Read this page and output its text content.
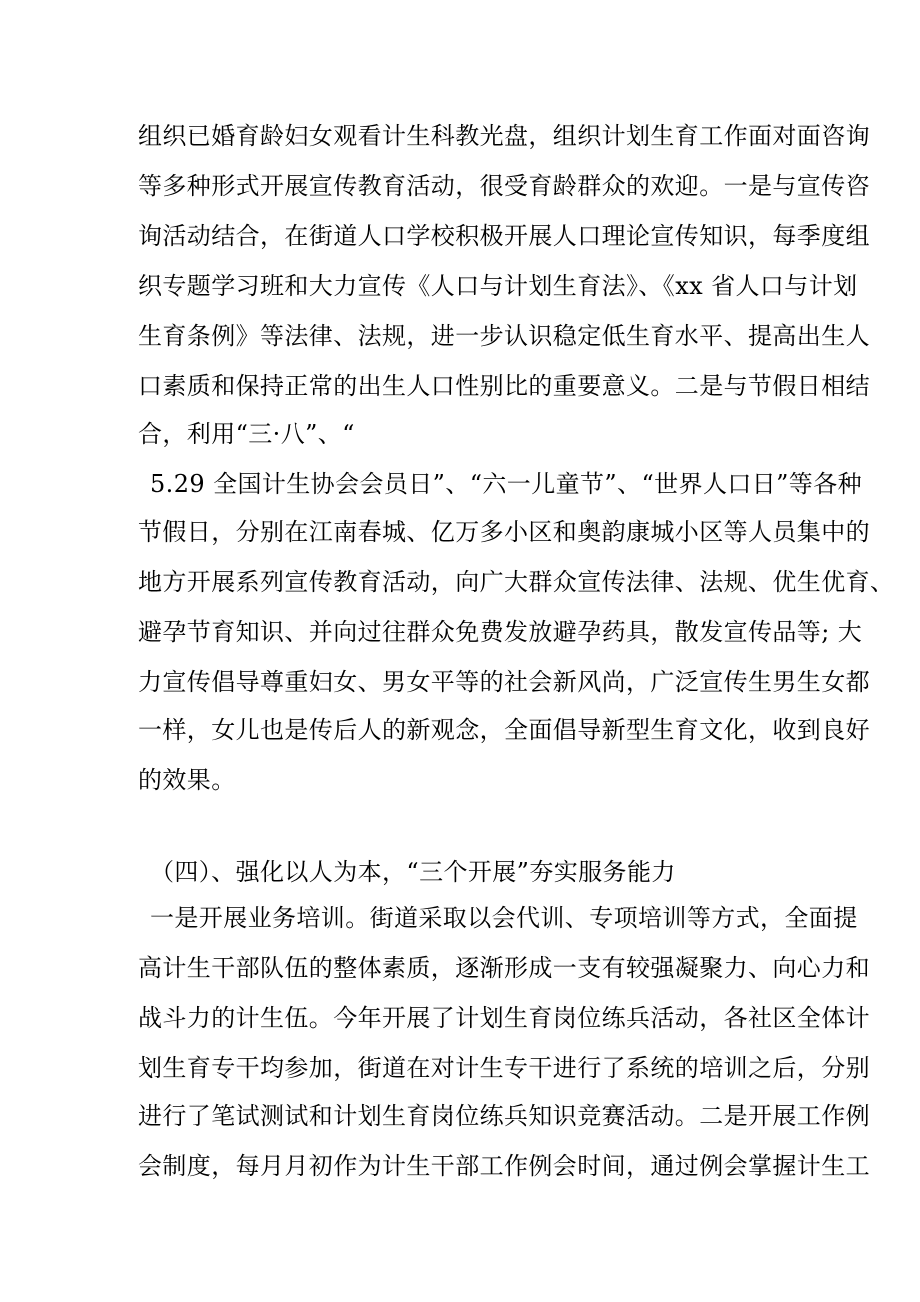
组织已婚育龄妇女观看计生科教光盘，组织计划生育工作面对面咨询
等多种形式开展宣传教育活动，很受育龄群众的欢迎。一是与宣传咨
询活动结合，在街道人口学校积极开展人口理论宣传知识，每季度组
织专题学习班和大力宣传《人口与计划生育法》、《xx 省人口与计划
生育条例》等法律、法规，进一步认识稳定低生育水平、提高出生人
口素质和保持正常的出生人口性别比的重要意义。二是与节假日相结
合，利用“三·八”、“
5.29 全国计生协会会员日”、“六一儿童节”、“世界人口日”等各种
节假日，分别在江南春城、亿万多小区和奥韵康城小区等人员集中的
地方开展系列宣传教育活动，向广大群众宣传法律、法规、优生优育、
避孕节育知识、并向过往群众免费发放避孕药具，散发宣传品等; 大
力宣传倡导尊重妇女、男女平等的社会新风尚，广泛宣传生男生女都
一样，女儿也是传后人的新观念，全面倡导新型生育文化，收到良好
的效果。
（四）、强化以人为本，“三个开展”夯实服务能力
一是开展业务培训。街道采取以会代训、专项培训等方式，全面提
高计生干部队伍的整体素质，逐渐形成一支有较强凝聚力、向心力和
战斗力的计生伍。今年开展了计划生育岗位练兵活动，各社区全体计
划生育专干均参加，街道在对计生专干进行了系统的培训之后，分别
进行了笔试测试和计划生育岗位练兵知识竞赛活动。二是开展工作例
会制度，每月月初作为计生干部工作例会时间，通过例会掌握计生工
